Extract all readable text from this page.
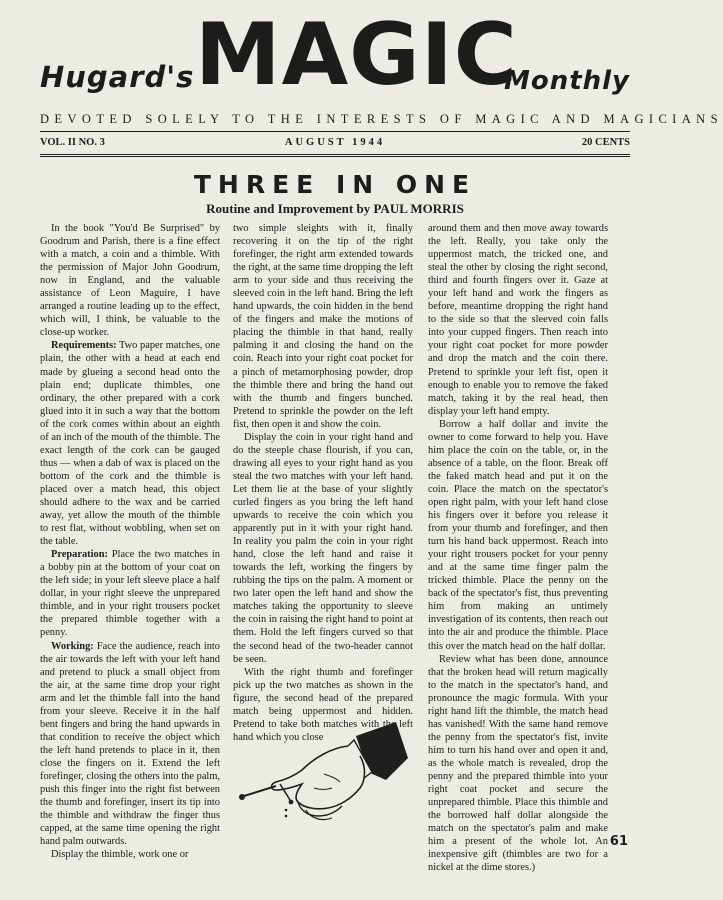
Hugard's MAGIC
Monthly
DEVOTED SOLELY TO THE INTERESTS OF MAGIC AND MAGICIANS
AUGUST 1944
VOL. II NO. 3	20 CENTS
THREE IN ONE
Routine and Improvement by PAUL MORRIS

In the book "You'd Be Surprised" by Goodrum and Parish, there is a fine effect with a match, a coin and a thimble. With the permission of Major John Goodrum, now in England, and the valuable assistance of Leon Maguire, I have arranged a routine leading up to the effect, which will, I think, be valuable to the close-up worker.

Requirements: Two paper matches, one plain, the other with a head at each end made by glueing a second head onto the plain end; duplicate thimbles, one ordinary, the other prepared with a cork glued into it in such a way that the bottom of the cork comes within about an eighth of an inch of the mouth of the thimble. The exact length of the cork can be gauged thus — when a dab of wax is placed on the bottom of the cork and the thimble is placed over a match head, this object should adhere to the wax and be carried away, yet allow the mouth of the thimble to rest flat, without wobbling, when set on the table.

Preparation: Place the two matches in a bobby pin at the bottom of your coat on the left side; in your left sleeve place a half dollar, in your right sleeve the unprepared thimble, and in your right trousers pocket the prepared thimble together with a penny.

Working: Face the audience, reach into the air towards the left with your left hand and pretend to pluck a small object from the air, at the same time drop your right arm and let the thimble fall into the hand from your sleeve. Receive it in the half bent fingers and bring the hand upwards in that condition to receive the object which the left hand pretends to place in it, then close the fingers on it. Extend the left forefinger, closing the others into the palm, push this finger into the right fist between the thumb and forefinger, insert its tip into the thimble and withdraw the finger thus capped, at the same time opening the right hand palm outwards.

Display the thimble, work one or

two simple sleights with it, finally recovering it on the tip of the right forefinger, the right arm extended towards the right, at the same time dropping the left arm to your side and thus receiving the sleeved coin in the left hand. Bring the left hand upwards, the coin hidden in the bend of the fingers and make the motions of placing the thimble in that hand, really palming it and closing the hand on the coin. Reach into your right coat pocket for a pinch of metamorphosing powder, drop the thimble there and bring the hand out with the thumb and fingers bunched. Pretend to sprinkle the powder on the left fist, then open it and show the coin.

Display the coin in your right hand and do the steeple chase flourish, if you can, drawing all eyes to your right hand as you steal the two matches with your left hand. Let them lie at the base of your slightly curled fingers as you bring the left hand upwards to receive the coin which you apparently put in it with your right hand. In reality you palm the coin in your right hand, close the left hand and raise it towards the left, working the fingers by rubbing the tips on the palm. A moment or two later open the left hand and show the matches taking the opportunity to sleeve the coin in raising the right hand to point at them. Hold the left fingers curved so that the second head of the two-header cannot be seen.

With the right thumb and forefinger pick up the two matches as shown in the figure, the second head of the prepared match being uppermost and hidden. Pretend to take both matches with the left hand which you close

around them and then move away towards the left. Really, you take only the uppermost match, the tricked one, and steal the other by closing the right second, third and fourth fingers over it. Gaze at your left hand and work the fingers as before, meantime dropping the right hand to the side so that the sleeved coin falls into your cupped fingers. Then reach into your right coat pocket for more powder and drop the match and the coin there. Pretend to sprinkle your left fist, open it enough to enable you to remove the faked match, taking it by the real head, then display your left hand empty.

Borrow a half dollar and invite the owner to come forward to help you. Have him place the coin on the table, or, in the absence of a table, on the floor. Break off the faked match head and put it on the coin. Place the match on the spectator's open right palm, with your left hand close his fingers over it before you release it from your thumb and forefinger, and then turn his hand back uppermost. Reach into your right trousers pocket for your penny and at the same time finger palm the tricked thimble. Place the penny on the back of the spectator's fist, thus preventing him from making an untimely investigation of its contents, then reach out into the air and produce the thimble. Place this over the match head on the half dollar.

Review what has been done, announce that the broken head will return magically to the match in the spectator's hand, and pronounce the magic formula. With your right hand lift the thimble, the match head has vanished! With the same hand remove the penny from the spectator's fist, invite him to turn his hand over and open it and, as the whole match is revealed, drop the penny and the prepared thimble into your right coat pocket and secure the unprepared thimble. Place this thimble and the borrowed half dollar alongside the match on the spectator's palm and make him a present of the whole lot. An inexpensive gift (thimbles are two for a nickel at the dime stores.)

61
